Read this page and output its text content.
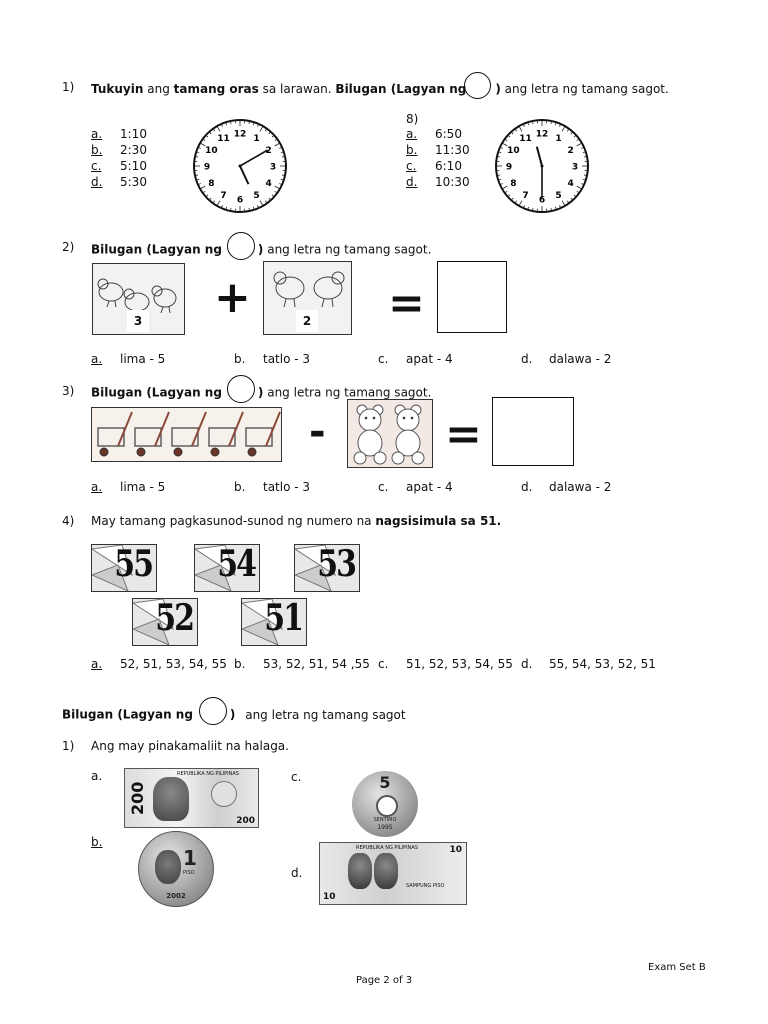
1) Tukuyin ang tamang oras sa larawan. Bilugan (Lagyan ng ) ang letra ng tamang sagot.
a. 1:10
b. 2:30
c. 5:10
d. 5:30
8)
a. 6:50
b. 11:30
c. 6:10
d. 10:30
12 1
2
3
4
5
6
7
8
9
10
11	12 1
2
3
4
5
6
7
8
9
10
11
2) Bilugan (Lagyan ng	) ang letra ng tamang sagot.
3 +	2 =
a. lima - 5	b. tatlo - 3	c. apat - 4	d. dalawa - 2
3) Bilugan (Lagyan ng	) ang letra ng tamang sagot.
-	=
a. lima - 5	b. tatlo - 3	c. apat - 4	d. dalawa - 2
4) May tamang pagkasunod-sunod ng numero na nagsisimula sa 51.
55 54 53
52 51
a. 52, 51, 53, 54, 55 b. 53, 52, 51, 54 ,55 c. 51, 52, 53, 54, 55 d. 55, 54, 53, 52, 51
Bilugan (Lagyan ng	) ang letra ng tamang sagot
1) Ang may pinakamaliit na halaga.
a.
b.
c.
d.
200
REPUBLIKA NG PILIPINAS
200
5
SENTIMO
1995
1
PISO
2002
REPUBLIKA NG PILIPINAS	10
SAMPUNG PISO
10
Exam Set B
Page 2 of 3
